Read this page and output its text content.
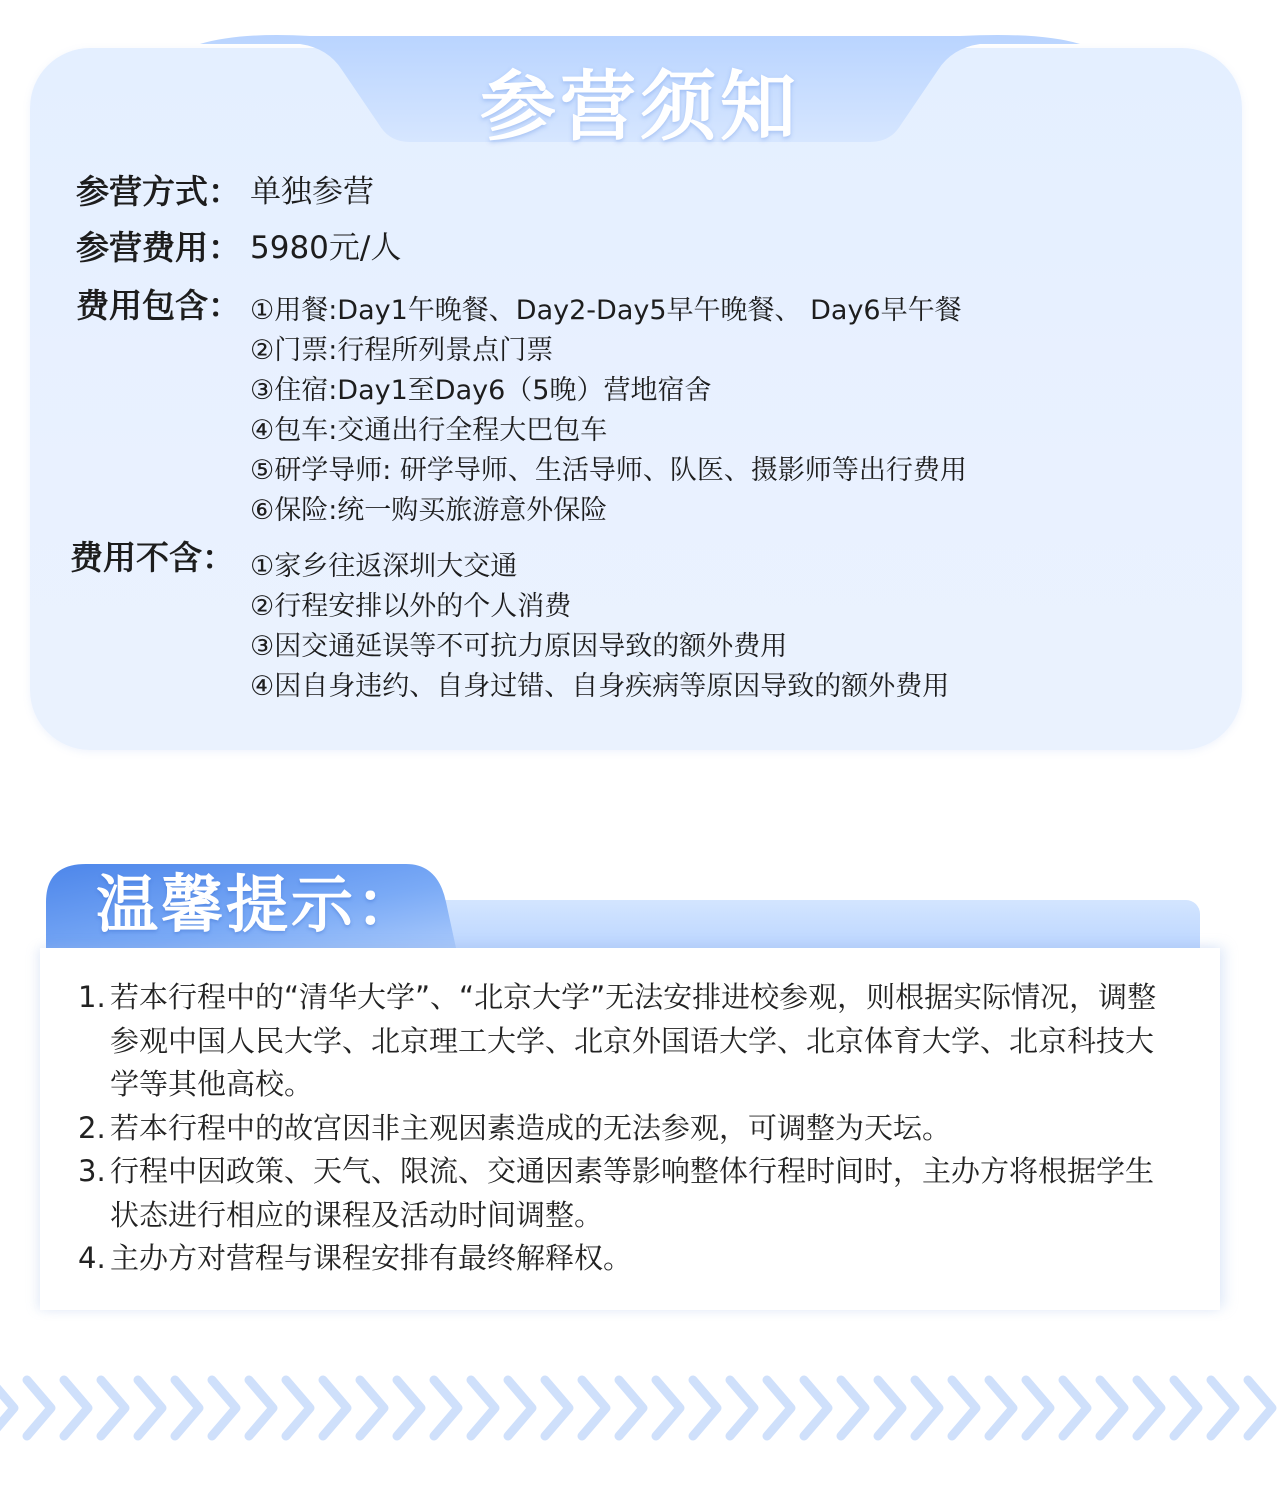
参营须知
参营方式： 单独参营
参营费用： 5980元/人
费用包含： ①用餐:Day1午晚餐、Day2-Day5早午晚餐、 Day6早午餐
②门票:行程所列景点门票
③住宿:Day1至Day6（5晚）营地宿舍
④包车:交通出行全程大巴包车
⑤研学导师: 研学导师、生活导师、队医、摄影师等出行费用
⑥保险:统一购买旅游意外保险
费用不含： ①家乡往返深圳大交通
②行程安排以外的个人消费
③因交通延误等不可抗力原因导致的额外费用
④因自身违约、自身过错、自身疾病等原因导致的额外费用
温馨提示：
1. 若本行程中的“清华大学”、“北京大学”无法安排进校参观，则根据实际情况，调整参观中国人民大学、北京理工大学、北京外国语大学、北京体育大学、北京科技大学等其他高校。
2. 若本行程中的故宫因非主观因素造成的无法参观，可调整为天坛。
3. 行程中因政策、天气、限流、交通因素等影响整体行程时间时，主办方将根据学生状态进行相应的课程及活动时间调整。
4. 主办方对营程与课程安排有最终解释权。
